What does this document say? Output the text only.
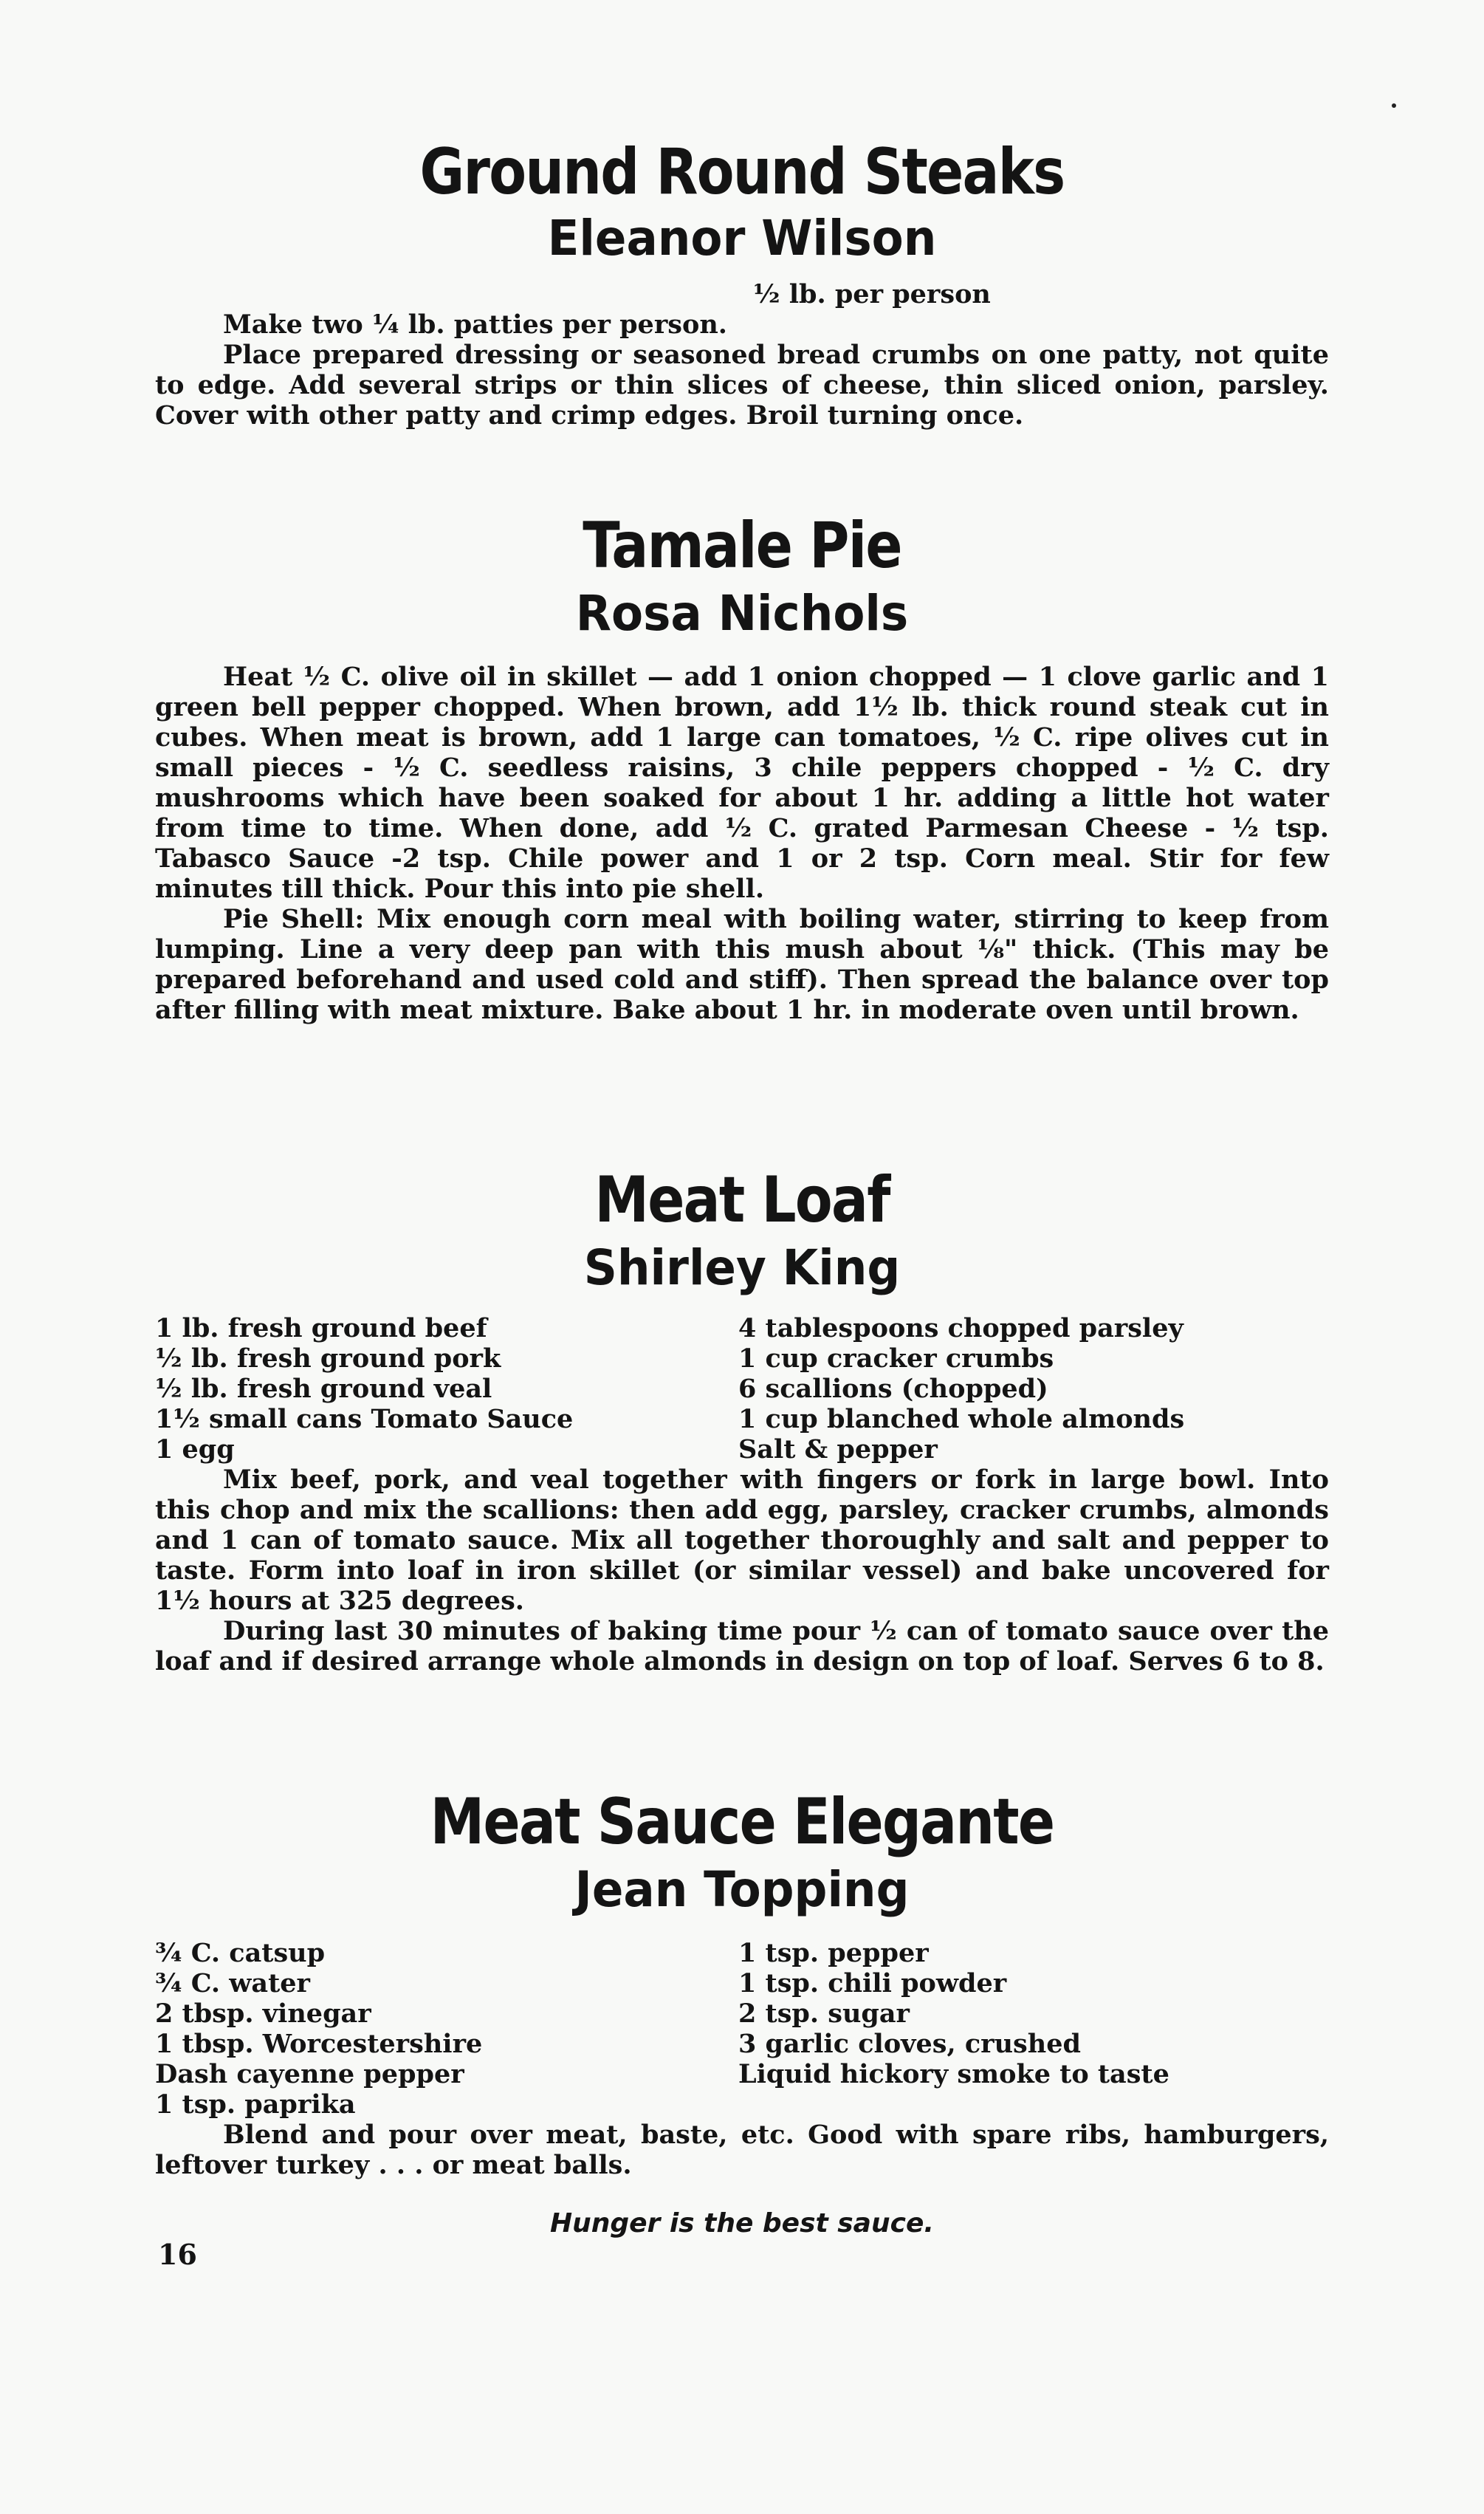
Ground Round Steaks
Eleanor Wilson

½ lb. per person

Make two ¼ lb. patties per person.

Place prepared dressing or seasoned bread crumbs on one patty, not quite to edge. Add several strips or thin slices of cheese, thin sliced onion, parsley. Cover with other patty and crimp edges. Broil turning once.

Tamale Pie
Rosa Nichols

Heat ½ C. olive oil in skillet — add 1 onion chopped — 1 clove garlic and 1 green bell pepper chopped. When brown, add 1½ lb. thick round steak cut in cubes. When meat is brown, add 1 large can tomatoes, ½ C. ripe olives cut in small pieces - ½ C. seedless raisins, 3 chile peppers chopped - ½ C. dry mushrooms which have been soaked for about 1 hr. adding a little hot water from time to time. When done, add ½ C. grated Parmesan Cheese - ½ tsp. Tabasco Sauce -2 tsp. Chile power and 1 or 2 tsp. Corn meal. Stir for few minutes till thick. Pour this into pie shell.

Pie Shell: Mix enough corn meal with boiling water, stirring to keep from lumping. Line a very deep pan with this mush about ⅛" thick. (This may be prepared beforehand and used cold and stiff). Then spread the balance over top after filling with meat mixture. Bake about 1 hr. in moderate oven until brown.

Meat Loaf
Shirley King
1 lb. fresh ground beef
½ lb. fresh ground pork
½ lb. fresh ground veal
1½ small cans Tomato Sauce
1 egg
4 tablespoons chopped parsley
1 cup cracker crumbs
6 scallions (chopped)
1 cup blanched whole almonds
Salt & pepper

Mix beef, pork, and veal together with fingers or fork in large bowl. Into this chop and mix the scallions: then add egg, parsley, cracker crumbs, almonds and 1 can of tomato sauce. Mix all together thoroughly and salt and pepper to taste. Form into loaf in iron skillet (or similar vessel) and bake uncovered for 1½ hours at 325 degrees.

During last 30 minutes of baking time pour ½ can of tomato sauce over the loaf and if desired arrange whole almonds in design on top of loaf. Serves 6 to 8.

Meat Sauce Elegante
Jean Topping
¾ C. catsup
¾ C. water
2 tbsp. vinegar
1 tbsp. Worcestershire
Dash cayenne pepper
1 tsp. paprika
1 tsp. pepper
1 tsp. chili powder
2 tsp. sugar
3 garlic cloves, crushed
Liquid hickory smoke to taste

Blend and pour over meat, baste, etc. Good with spare ribs, hamburgers, leftover turkey . . . or meat balls.

Hunger is the best sauce.
16
